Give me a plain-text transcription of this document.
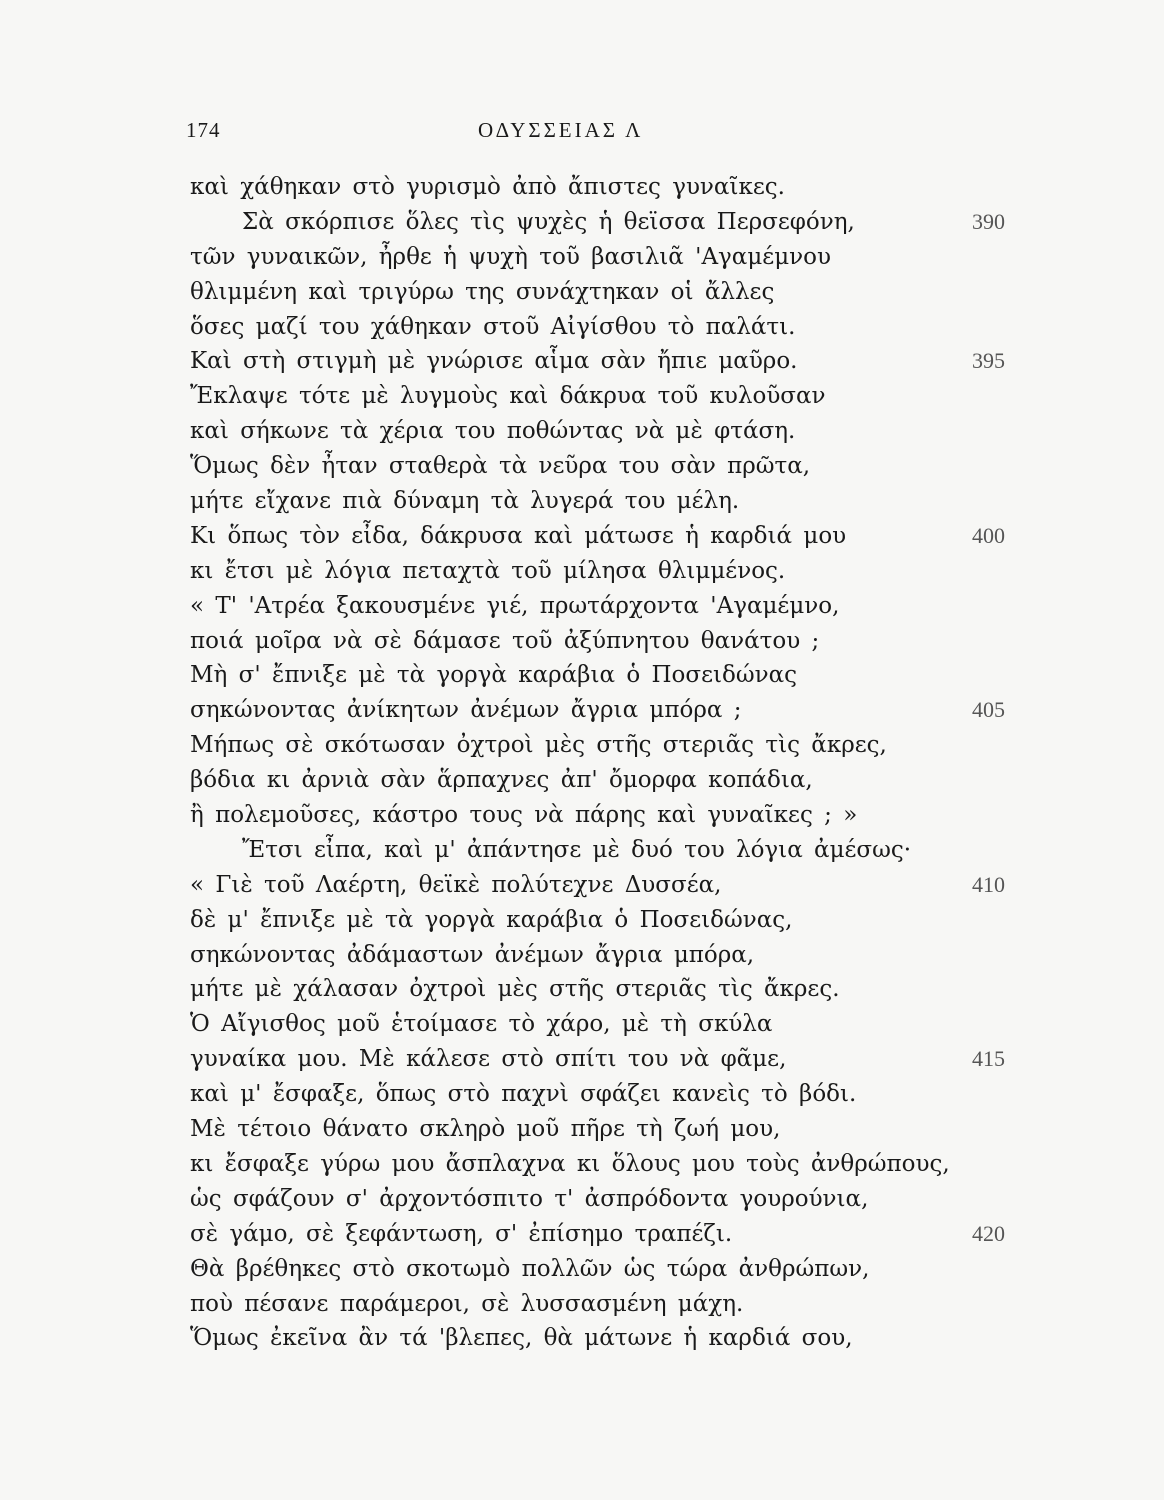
174	ΟΔΥΣΣΕΙΑΣ Λ
καὶ χάθηκαν στὸ γυρισμὸ ἀπὸ ἄπιστες γυναῖκες.
Σὰ σκόρπισε ὅλες τὶς ψυχὲς ἡ θεϊσσα Περσεφόνη,	390
τῶν γυναικῶν, ἦρθε ἡ ψυχὴ τοῦ βασιλιᾶ 'Αγαμέμνου
θλιμμένη καὶ τριγύρω της συνάχτηκαν οἱ ἄλλες
ὅσες μαζί του χάθηκαν στοῦ Αἰγίσθου τὸ παλάτι.
Καὶ στὴ στιγμὴ μὲ γνώρισε αἷμα σὰν ἤπιε μαῦρο.	395
Ἔκλαψε τότε μὲ λυγμοὺς καὶ δάκρυα τοῦ κυλοῦσαν
καὶ σήκωνε τὰ χέρια του ποθώντας νὰ μὲ φτάση.
Ὅμως δὲν ἦταν σταθερὰ τὰ νεῦρα του σὰν πρῶτα,
μήτε εἴχανε πιὰ δύναμη τὰ λυγερά του μέλη.
Κι ὅπως τὸν εἶδα, δάκρυσα καὶ μάτωσε ἡ καρδιά μου	400
κι ἔτσι μὲ λόγια πεταχτὰ τοῦ μίλησα θλιμμένος.
« Τ' 'Ατρέα ξακουσμένε γιέ, πρωτάρχοντα 'Αγαμέμνο,
ποιά μοῖρα νὰ σὲ δάμασε τοῦ ἀξύπνητου θανάτου ;
Μὴ σ' ἔπνιξε μὲ τὰ γοργὰ καράβια ὁ Ποσειδώνας
σηκώνοντας ἀνίκητων ἀνέμων ἄγρια μπόρα ;	405
Μήπως σὲ σκότωσαν ὀχτροὶ μὲς στῆς στεριᾶς τὶς ἄκρες,
βόδια κι ἀρνιὰ σὰν ἅρπαχνες ἀπ' ὄμορφα κοπάδια,
ἢ πολεμοῦσες, κάστρο τους νὰ πάρης καὶ γυναῖκες ; »
Ἔτσι εἶπα, καὶ μ' ἀπάντησε μὲ δυό του λόγια ἀμέσως·
« Γιὲ τοῦ Λαέρτη, θεϊκὲ πολύτεχνε Δυσσέα,	410
δὲ μ' ἔπνιξε μὲ τὰ γοργὰ καράβια ὁ Ποσειδώνας,
σηκώνοντας ἀδάμαστων ἀνέμων ἄγρια μπόρα,
μήτε μὲ χάλασαν ὀχτροὶ μὲς στῆς στεριᾶς τὶς ἄκρες.
Ὁ Αἴγισθος μοῦ ἑτοίμασε τὸ χάρο, μὲ τὴ σκύλα
γυναίκα μου. Μὲ κάλεσε στὸ σπίτι του νὰ φᾶμε,	415
καὶ μ' ἔσφαξε, ὅπως στὸ παχνὶ σφάζει κανεὶς τὸ βόδι.
Μὲ τέτοιο θάνατο σκληρὸ μοῦ πῆρε τὴ ζωή μου,
κι ἔσφαξε γύρω μου ἄσπλαχνα κι ὅλους μου τοὺς ἀνθρώπους,
ὡς σφάζουν σ' ἀρχοντόσπιτο τ' ἀσπρόδοντα γουρούνια,
σὲ γάμο, σὲ ξεφάντωση, σ' ἐπίσημο τραπέζι.	420
Θὰ βρέθηκες στὸ σκοτωμὸ πολλῶν ὡς τώρα ἀνθρώπων,
ποὺ πέσανε παράμεροι, σὲ λυσσασμένη μάχη.
Ὅμως ἐκεῖνα ἂν τά 'βλεπες, θὰ μάτωνε ἡ καρδιά σου,
